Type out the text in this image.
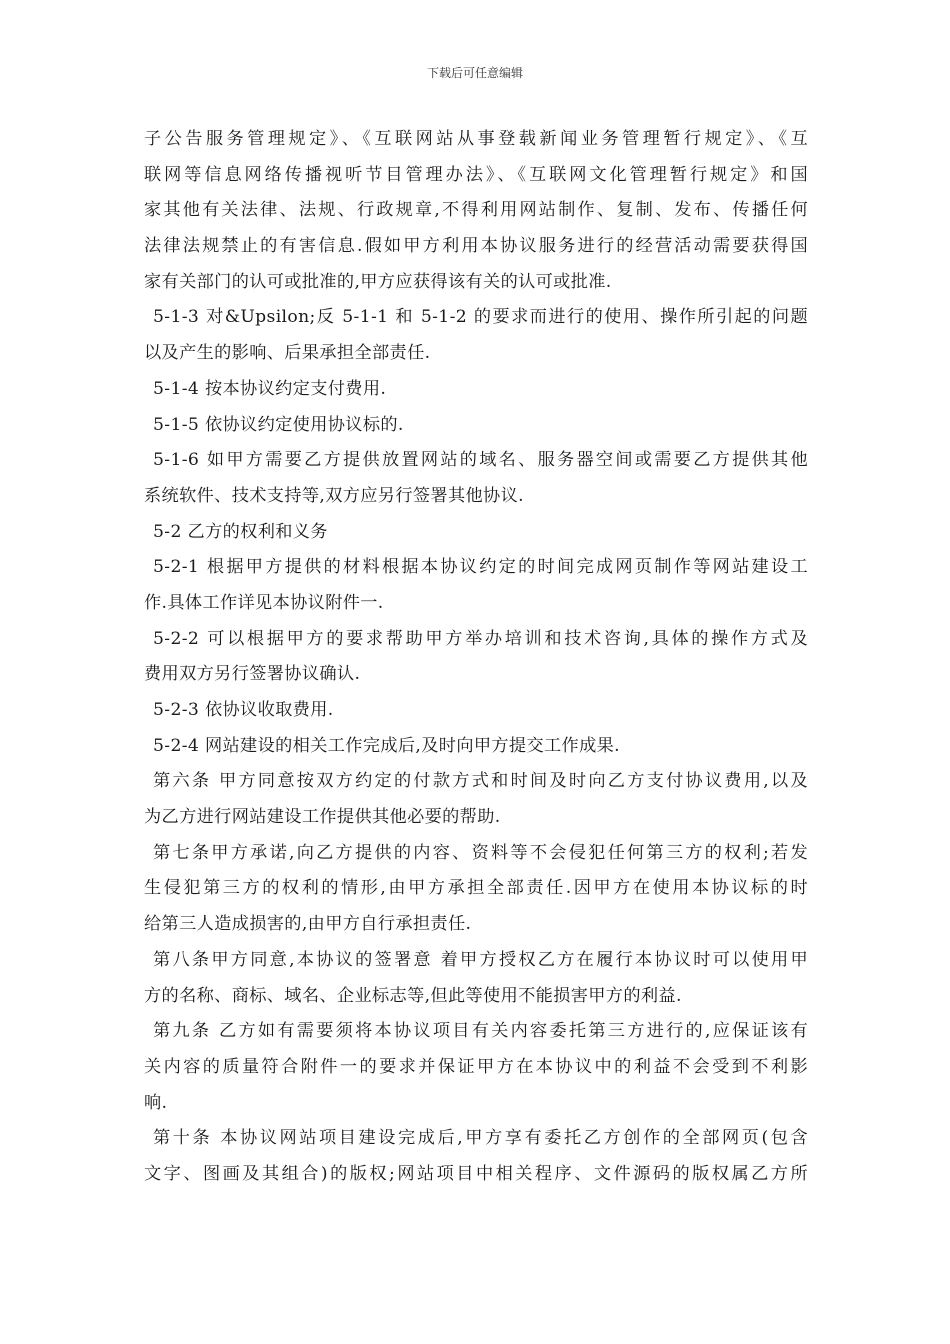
下载后可任意编辑
子公告服务管理规定》、《互联网站从事登载新闻业务管理暂行规定》、《互
联网等信息网络传播视听节目管理办法》、《互联网文化管理暂行规定》和国
家其他有关法律、法规、行政规章,不得利用网站制作、复制、发布、传播任何
法律法规禁止的有害信息.假如甲方利用本协议服务进行的经营活动需要获得国
家有关部门的认可或批准的,甲方应获得该有关的认可或批准.
5-1-3 对&Upsilon;反 5-1-1 和 5-1-2 的要求而进行的使用、操作所引起的问题
以及产生的影响、后果承担全部责任.
5-1-4 按本协议约定支付费用.
5-1-5 依协议约定使用协议标的.
5-1-6 如甲方需要乙方提供放置网站的域名、服务器空间或需要乙方提供其他
系统软件、技术支持等,双方应另行签署其他协议.
5-2 乙方的权利和义务
5-2-1 根据甲方提供的材料根据本协议约定的时间完成网页制作等网站建设工
作.具体工作详见本协议附件一.
5-2-2 可以根据甲方的要求帮助甲方举办培训和技术咨询,具体的操作方式及
费用双方另行签署协议确认.
5-2-3 依协议收取费用.
5-2-4 网站建设的相关工作完成后,及时向甲方提交工作成果.
第六条 甲方同意按双方约定的付款方式和时间及时向乙方支付协议费用,以及
为乙方进行网站建设工作提供其他必要的帮助.
第七条甲方承诺,向乙方提供的内容、资料等不会侵犯任何第三方的权利;若发
生侵犯第三方的权利的情形,由甲方承担全部责任.因甲方在使用本协议标的时
给第三人造成损害的,由甲方自行承担责任.
第八条甲方同意,本协议的签署意 着甲方授权乙方在履行本协议时可以使用甲
方的名称、商标、域名、企业标志等,但此等使用不能损害甲方的利益.
第九条 乙方如有需要须将本协议项目有关内容委托第三方进行的,应保证该有
关内容的质量符合附件一的要求并保证甲方在本协议中的利益不会受到不利影
响.
第十条 本协议网站项目建设完成后,甲方享有委托乙方创作的全部网页(包含
文字、图画及其组合)的版权;网站项目中相关程序、文件源码的版权属乙方所
